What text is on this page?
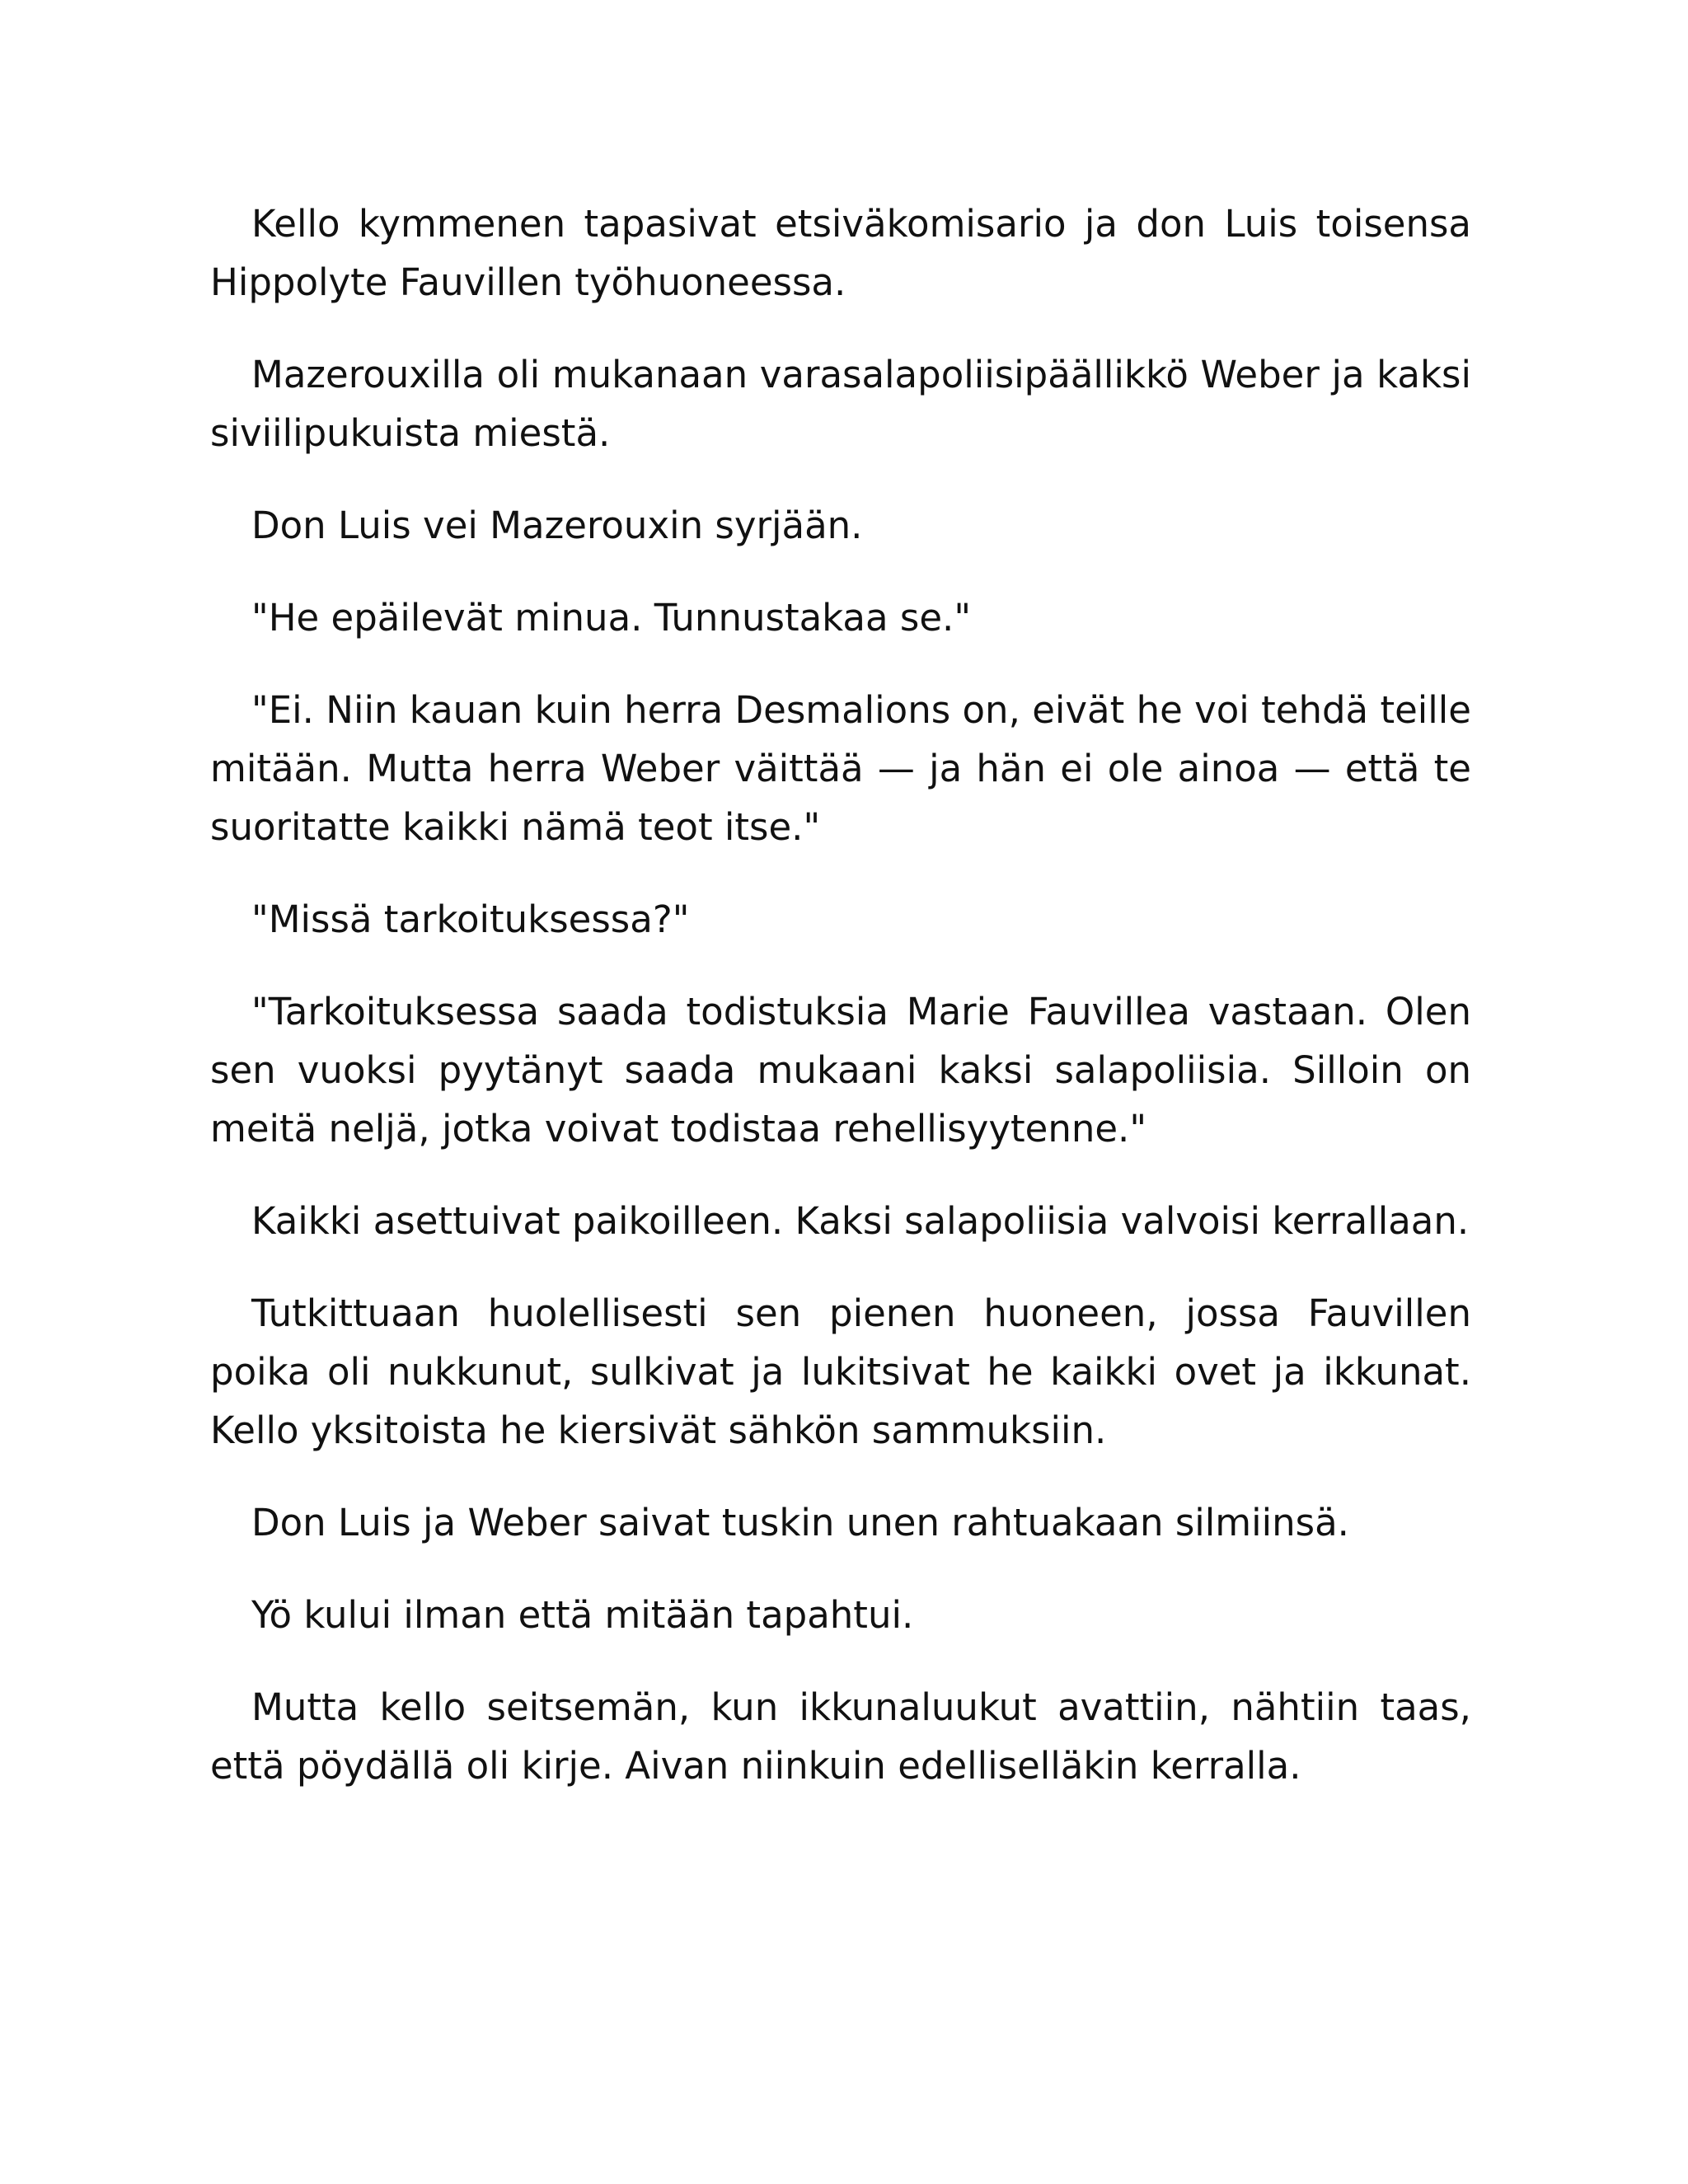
Kello kymmenen tapasivat etsiväkomisario ja don Luis toisensa Hippolyte Fauvillen työhuoneessa.

Mazerouxilla oli mukanaan varasalapoliisipäällikkö Weber ja kaksi siviilipukuista miestä.

Don Luis vei Mazerouxin syrjään.

"He epäilevät minua. Tunnustakaa se."

"Ei. Niin kauan kuin herra Desmalions on, eivät he voi tehdä teille mitään. Mutta herra Weber väittää — ja hän ei ole ainoa — että te suoritatte kaikki nämä teot itse."

"Missä tarkoituksessa?"

"Tarkoituksessa saada todistuksia Marie Fauvillea vastaan. Olen sen vuoksi pyytänyt saada mukaani kaksi salapoliisia. Silloin on meitä neljä, jotka voivat todistaa rehellisyytenne."

Kaikki asettuivat paikoilleen. Kaksi salapoliisia valvoisi kerrallaan.

Tutkittuaan huolellisesti sen pienen huoneen, jossa Fauvillen poika oli nukkunut, sulkivat ja lukitsivat he kaikki ovet ja ikkunat. Kello yksitoista he kiersivät sähkön sammuksiin.

Don Luis ja Weber saivat tuskin unen rahtuakaan silmiinsä.

Yö kului ilman että mitään tapahtui.

Mutta kello seitsemän, kun ikkunaluukut avattiin, nähtiin taas, että pöydällä oli kirje. Aivan niinkuin edelliselläkin kerralla.
